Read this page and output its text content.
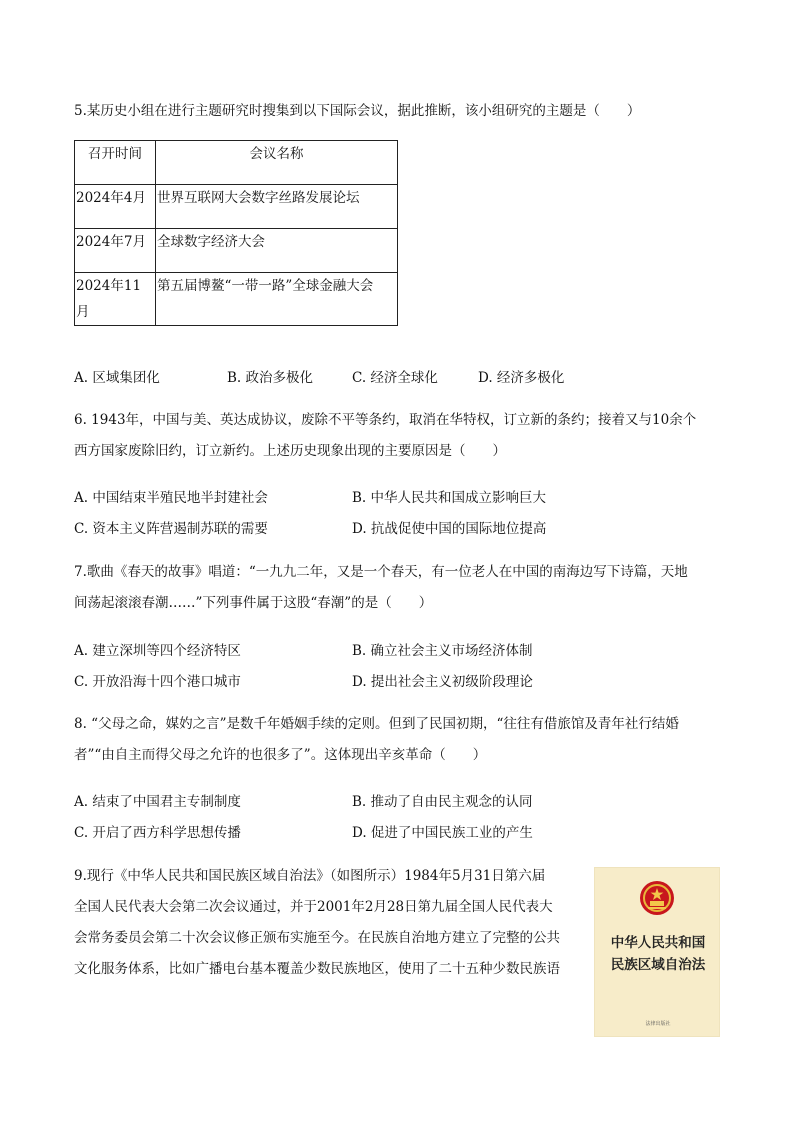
5.某历史小组在进行主题研究时搜集到以下国际会议，据此推断，该小组研究的主题是（　　）
召开时间	会议名称
2024年4月	世界互联网大会数字丝路发展论坛
2024年7月	全球数字经济大会
2024年11月	第五届博鳌“一带一路”全球金融大会
A. 区域集团化	B. 政治多极化	C. 经济全球化	D. 经济多极化
6. 1943年，中国与美、英达成协议，废除不平等条约，取消在华特权，订立新的条约；接着又与10余个
西方国家废除旧约，订立新约。上述历史现象出现的主要原因是（　　）
A. 中国结束半殖民地半封建社会	B. 中华人民共和国成立影响巨大
C. 资本主义阵营遏制苏联的需要	D. 抗战促使中国的国际地位提高
7.歌曲《春天的故事》唱道：“一九九二年，又是一个春天，有一位老人在中国的南海边写下诗篇，天地
间荡起滚滚春潮……”下列事件属于这股“春潮”的是（　　）
A. 建立深圳等四个经济特区	B. 确立社会主义市场经济体制
C. 开放沿海十四个港口城市	D. 提出社会主义初级阶段理论
8. “父母之命，媒妁之言”是数千年婚姻手续的定则。但到了民国初期，“往往有借旅馆及青年社行结婚
者”“由自主而得父母之允许的也很多了”。这体现出辛亥革命（　　）
A. 结束了中国君主专制制度	B. 推动了自由民主观念的认同
C. 开启了西方科学思想传播	D. 促进了中国民族工业的产生
9.现行《中华人民共和国民族区域自治法》（如图所示）1984年5月31日第六届
全国人民代表大会第二次会议通过，并于2001年2月28日第九届全国人民代表大
会常务委员会第二十次会议修正颁布实施至今。在民族自治地方建立了完整的公共
文化服务体系，比如广播电台基本覆盖少数民族地区，使用了二十五种少数民族语
中华人民共和国
民族区域自治法
法律出版社
